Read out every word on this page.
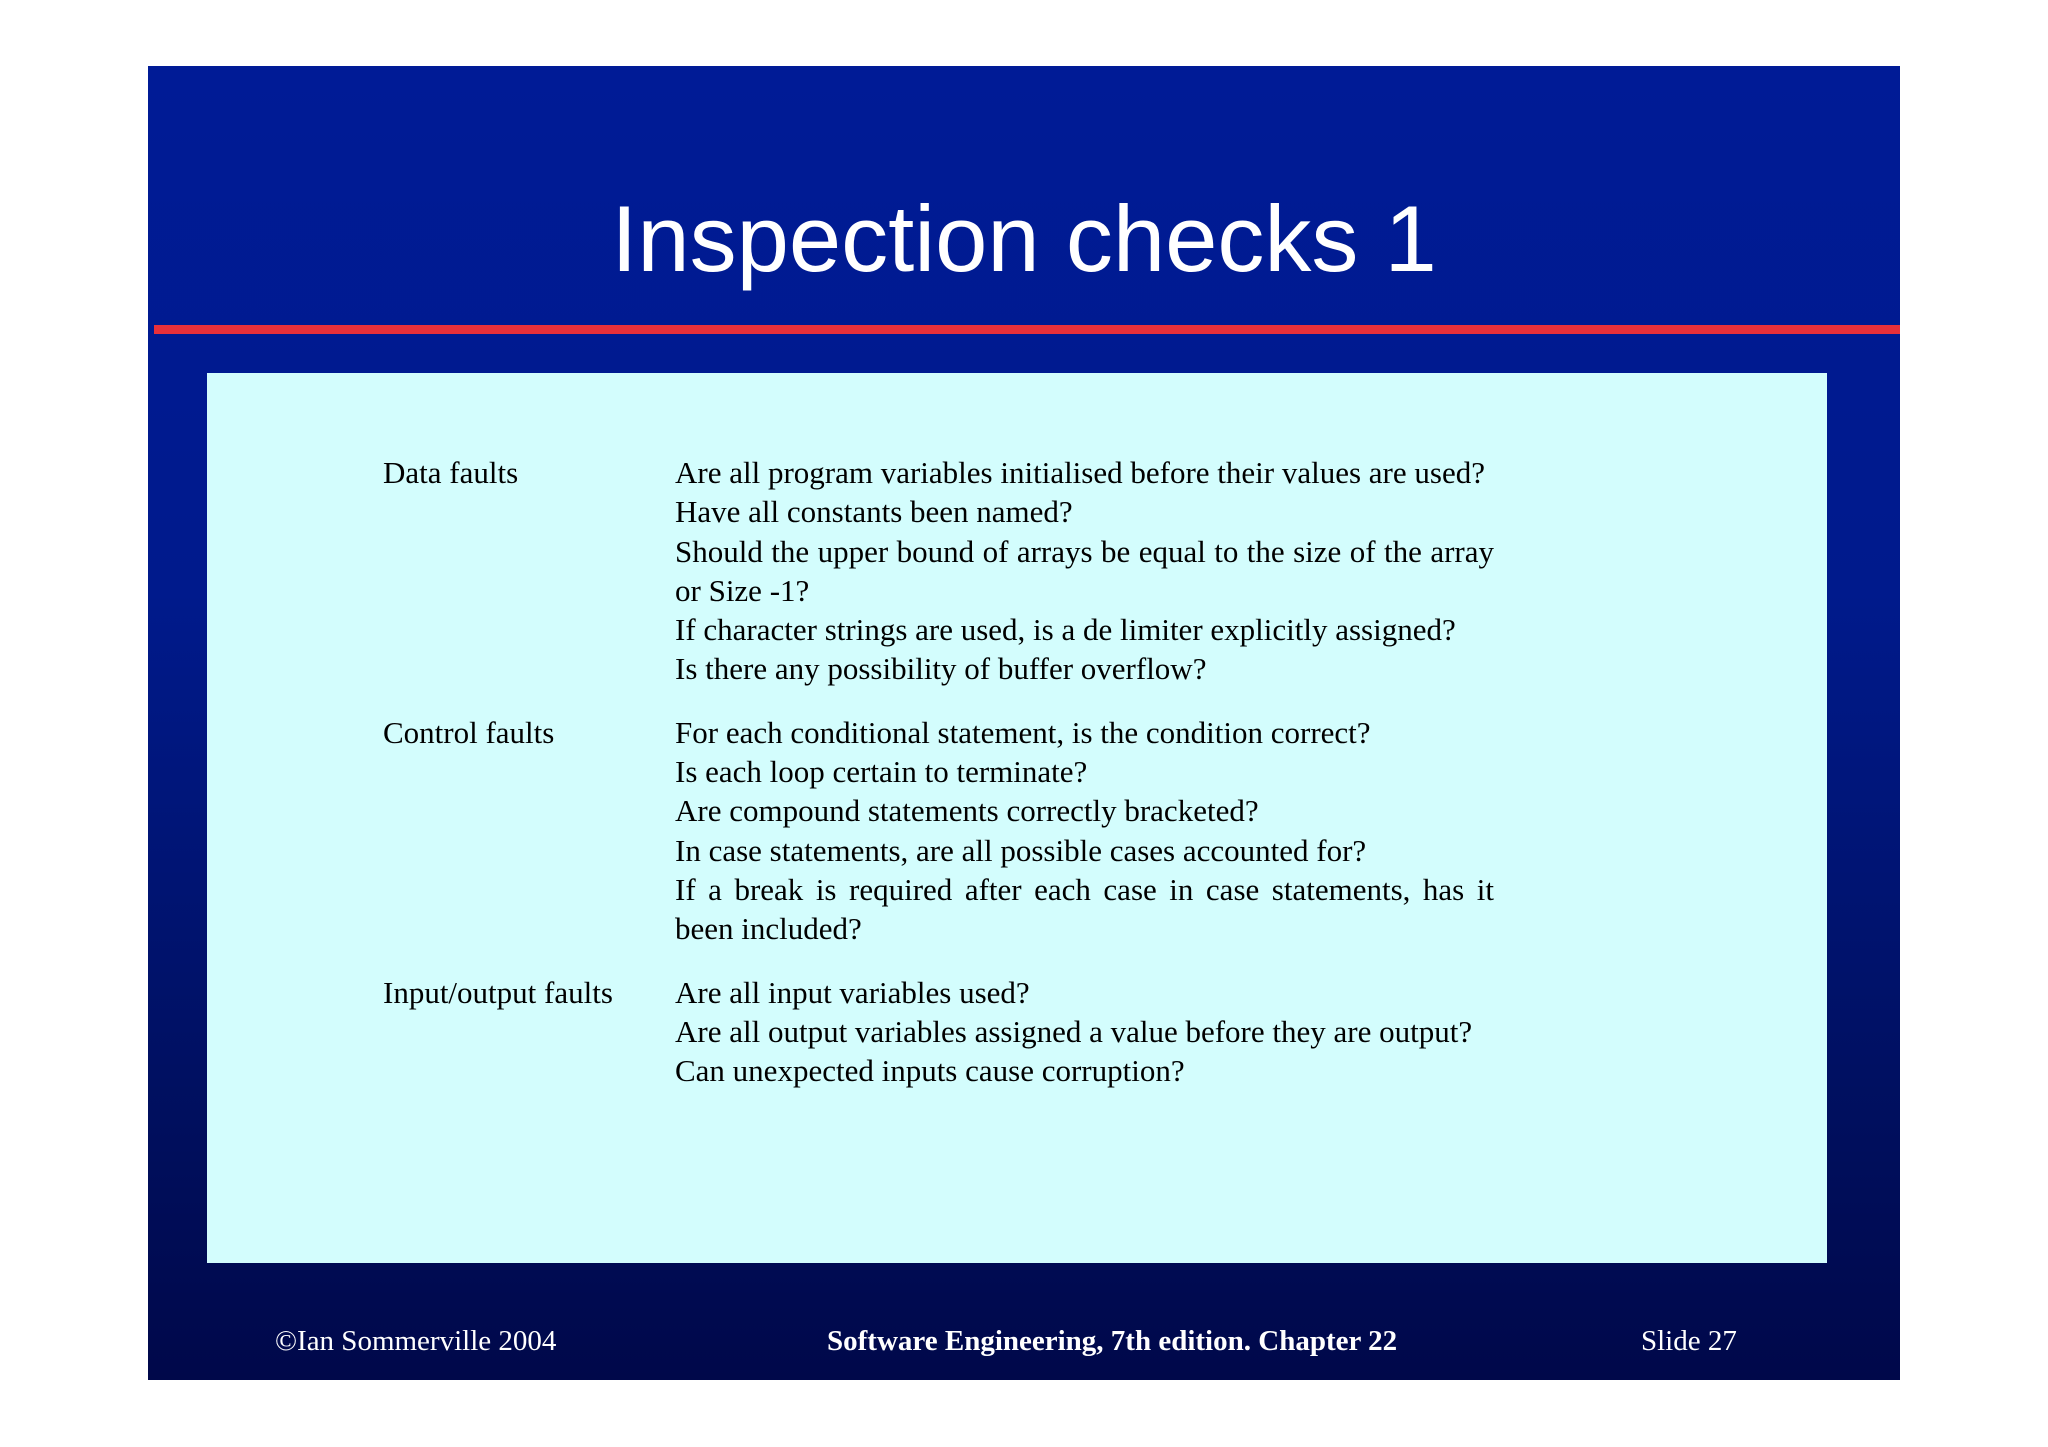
Inspection checks 1
Data faults	Are all program variables initialised before their values are used?
Have all constants been named?
Should the upper bound of arrays be equal to the size of the array or Size -1?
If character strings are used, is a de limiter explicitly assigned?
Is there any possibility of buffer overflow?
Control faults	For each conditional statement, is the condition correct?
Is each loop certain to terminate?
Are compound statements correctly bracketed?
In case statements, are all possible cases accounted for?
If a break is required after each case in case statements, has it been included?
Input/output faults	Are all input variables used?
Are all output variables assigned a value before they are output?
Can unexpected inputs cause corruption?
©Ian Sommerville 2004	Software Engineering, 7th edition. Chapter 22	Slide 27
